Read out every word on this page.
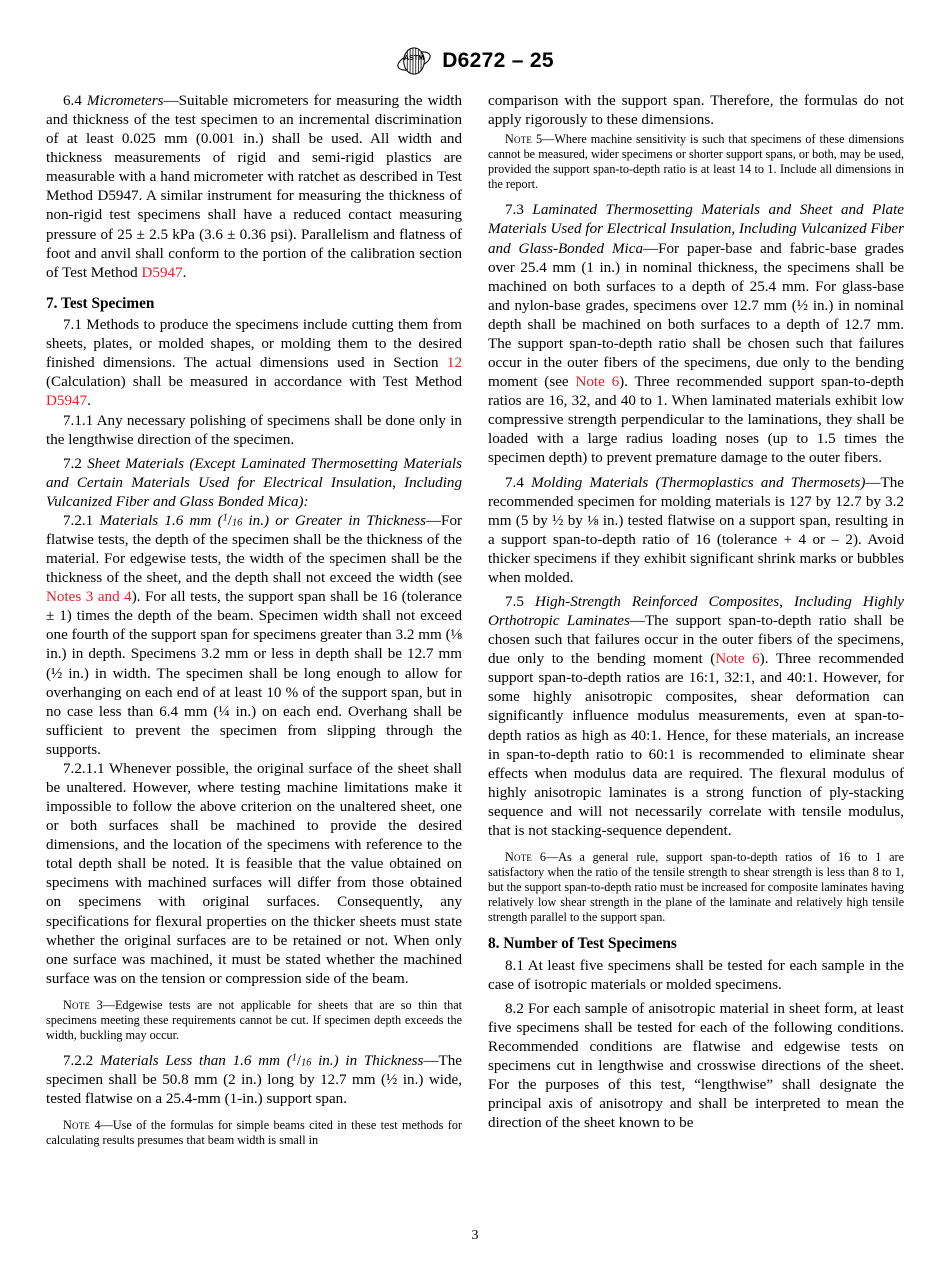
ASTM D6272 – 25

6.4 Micrometers—Suitable micrometers for measuring the width and thickness of the test specimen to an incremental discrimination of at least 0.025 mm (0.001 in.) shall be used. All width and thickness measurements of rigid and semi-rigid plastics are measurable with a hand micrometer with ratchet as described in Test Method D5947. A similar instrument for measuring the thickness of non-rigid test specimens shall have a reduced contact measuring pressure of 25 ± 2.5 kPa (3.6 ± 0.36 psi). Parallelism and flatness of foot and anvil shall conform to the portion of the calibration section of Test Method D5947.

7. Test Specimen

7.1 Methods to produce the specimens include cutting them from sheets, plates, or molded shapes, or molding them to the desired finished dimensions. The actual dimensions used in Section 12 (Calculation) shall be measured in accordance with Test Method D5947.

7.1.1 Any necessary polishing of specimens shall be done only in the lengthwise direction of the specimen.

7.2 Sheet Materials (Except Laminated Thermosetting Materials and Certain Materials Used for Electrical Insulation, Including Vulcanized Fiber and Glass Bonded Mica):

7.2.1 Materials 1.6 mm ($^1$/16 in.) or Greater in Thickness—For flatwise tests, the depth of the specimen shall be the thickness of the material. For edgewise tests, the width of the specimen shall be the thickness of the sheet, and the depth shall not exceed the width (see Notes 3 and 4). For all tests, the support span shall be 16 (tolerance ± 1) times the depth of the beam. Specimen width shall not exceed one fourth of the support span for specimens greater than 3.2 mm (⅛ in.) in depth. Specimens 3.2 mm or less in depth shall be 12.7 mm (½ in.) in width. The specimen shall be long enough to allow for overhanging on each end of at least 10 % of the support span, but in no case less than 6.4 mm (¼ in.) on each end. Overhang shall be sufficient to prevent the specimen from slipping through the supports.

7.2.1.1 Whenever possible, the original surface of the sheet shall be unaltered. However, where testing machine limitations make it impossible to follow the above criterion on the unaltered sheet, one or both surfaces shall be machined to provide the desired dimensions, and the location of the specimens with reference to the total depth shall be noted. It is feasible that the value obtained on specimens with machined surfaces will differ from those obtained on specimens with original surfaces. Consequently, any specifications for flexural properties on the thicker sheets must state whether the original surfaces are to be retained or not. When only one surface was machined, it must be stated whether the machined surface was on the tension or compression side of the beam.

Note 3—Edgewise tests are not applicable for sheets that are so thin that specimens meeting these requirements cannot be cut. If specimen depth exceeds the width, buckling may occur.

7.2.2 Materials Less than 1.6 mm ($^1$/16 in.) in Thickness—The specimen shall be 50.8 mm (2 in.) long by 12.7 mm (½ in.) wide, tested flatwise on a 25.4-mm (1-in.) support span.

Note 4—Use of the formulas for simple beams cited in these test methods for calculating results presumes that beam width is small in

comparison with the support span. Therefore, the formulas do not apply rigorously to these dimensions.

Note 5—Where machine sensitivity is such that specimens of these dimensions cannot be measured, wider specimens or shorter support spans, or both, may be used, provided the support span-to-depth ratio is at least 14 to 1. Include all dimensions in the report.

7.3 Laminated Thermosetting Materials and Sheet and Plate Materials Used for Electrical Insulation, Including Vulcanized Fiber and Glass-Bonded Mica—For paper-base and fabric-base grades over 25.4 mm (1 in.) in nominal thickness, the specimens shall be machined on both surfaces to a depth of 25.4 mm. For glass-base and nylon-base grades, specimens over 12.7 mm (½ in.) in nominal depth shall be machined on both surfaces to a depth of 12.7 mm. The support span-to-depth ratio shall be chosen such that failures occur in the outer fibers of the specimens, due only to the bending moment (see Note 6). Three recommended support span-to-depth ratios are 16, 32, and 40 to 1. When laminated materials exhibit low compressive strength perpendicular to the laminations, they shall be loaded with a large radius loading noses (up to 1.5 times the specimen depth) to prevent premature damage to the outer fibers.

7.4 Molding Materials (Thermoplastics and Thermosets)—The recommended specimen for molding materials is 127 by 12.7 by 3.2 mm (5 by ½ by ⅛ in.) tested flatwise on a support span, resulting in a support span-to-depth ratio of 16 (tolerance + 4 or – 2). Avoid thicker specimens if they exhibit significant shrink marks or bubbles when molded.

7.5 High-Strength Reinforced Composites, Including Highly Orthotropic Laminates—The support span-to-depth ratio shall be chosen such that failures occur in the outer fibers of the specimens, due only to the bending moment (Note 6). Three recommended support span-to-depth ratios are 16:1, 32:1, and 40:1. However, for some highly anisotropic composites, shear deformation can significantly influence modulus measurements, even at span-to-depth ratios as high as 40:1. Hence, for these materials, an increase in span-to-depth ratio to 60:1 is recommended to eliminate shear effects when modulus data are required. The flexural modulus of highly anisotropic laminates is a strong function of ply-stacking sequence and will not necessarily correlate with tensile modulus, that is not stacking-sequence dependent.

Note 6—As a general rule, support span-to-depth ratios of 16 to 1 are satisfactory when the ratio of the tensile strength to shear strength is less than 8 to 1, but the support span-to-depth ratio must be increased for composite laminates having relatively low shear strength in the plane of the laminate and relatively high tensile strength parallel to the support span.

8. Number of Test Specimens

8.1 At least five specimens shall be tested for each sample in the case of isotropic materials or molded specimens.

8.2 For each sample of anisotropic material in sheet form, at least five specimens shall be tested for each of the following conditions. Recommended conditions are flatwise and edgewise tests on specimens cut in lengthwise and crosswise directions of the sheet. For the purposes of this test, “lengthwise” shall designate the principal axis of anisotropy and shall be interpreted to mean the direction of the sheet known to be

3
